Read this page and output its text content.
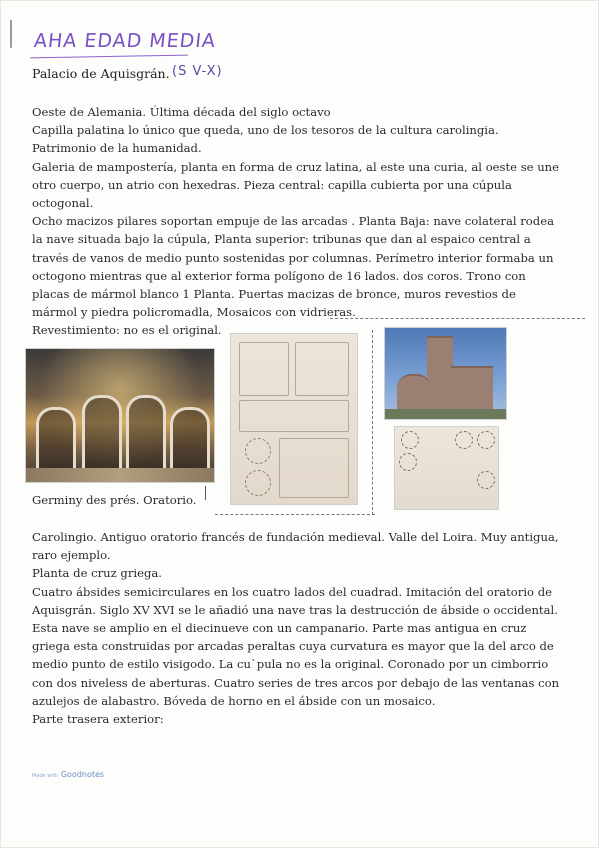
AHA EDAD MEDIA
Palacio de Aquisgrán. (S V-X)

Oeste de Alemania. Última década del siglo octavo

Capilla palatina lo único que queda, uno de los tesoros de la cultura carolingia.

Patrimonio de la humanidad.

Galeria de mampostería, planta en forma de cruz latina, al este una curia, al oeste se une otro cuerpo, un atrio con hexedras. Pieza central: capilla cubierta por una cúpula octogonal.

Ocho macizos pilares soportan empuje de las arcadas . Planta Baja: nave colateral rodea la nave situada bajo la cúpula, Planta superior: tribunas que dan al espaico central a través de vanos de medio punto sostenidas por columnas. Perímetro interior formaba un octogono mientras que al exterior forma polígono de 16 lados. dos coros. Trono con placas de mármol blanco 1 Planta. Puertas macizas de bronce, muros revestios de mármol y piedra policromadla, Mosaicos con vidrieras.

Revestimiento: no es el original.

Germiny des prés. Oratorio.

Carolingio. Antiguo oratorio francés de fundación medieval. Valle del Loira. Muy antigua, raro ejemplo.

Planta de cruz griega.

Cuatro ábsides semicirculares en los cuatro lados del cuadrad. Imitación del oratorio de Aquisgrán. Siglo XV XVI se le añadió una nave tras la destrucción de ábside o occidental. Esta nave se amplio en el diecinueve con un campanario. Parte mas antigua en cruz griega esta construidas por arcadas peraltas cuya curvatura es mayor que la del arco de medio punto de estilo visigodo. La cu`pula no es la original. Coronado por un cimborrio con dos niveless de aberturas. Cuatro series de tres arcos por debajo de las ventanas con azulejos de alabastro. Bóveda de horno en el ábside con un mosaico.

Parte trasera exterior:

Made with Goodnotes
